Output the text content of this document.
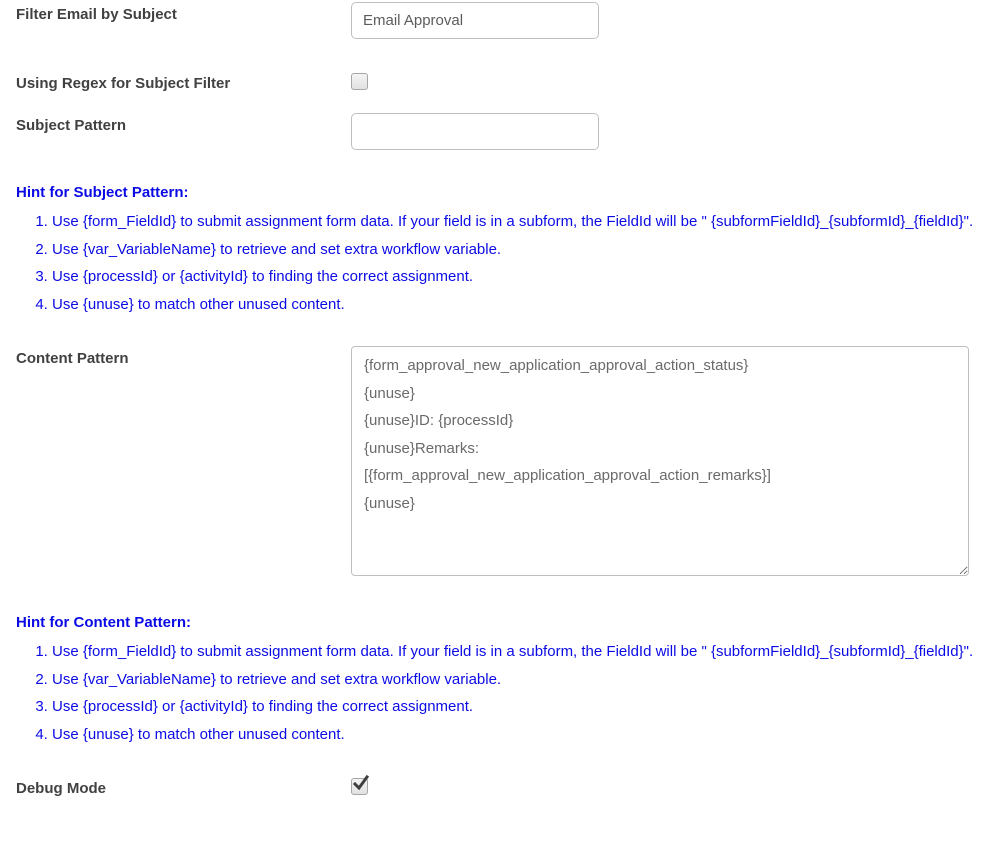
Filter Email by Subject
Email Approval
Using Regex for Subject Filter
Subject Pattern
Hint for Subject Pattern:
1. Use {form_FieldId} to submit assignment form data. If your field is in a subform, the FieldId will be " {subformFieldId}_{subformId}_{fieldId}".
2. Use {var_VariableName} to retrieve and set extra workflow variable.
3. Use {processId} or {activityId} to finding the correct assignment.
4. Use {unuse} to match other unused content.
Content Pattern
{form_approval_new_application_approval_action_status} {unuse} {unuse}ID: {processId} {unuse}Remarks: [{form_approval_new_application_approval_action_remarks}] {unuse}
Hint for Content Pattern:
1. Use {form_FieldId} to submit assignment form data. If your field is in a subform, the FieldId will be " {subformFieldId}_{subformId}_{fieldId}".
2. Use {var_VariableName} to retrieve and set extra workflow variable.
3. Use {processId} or {activityId} to finding the correct assignment.
4. Use {unuse} to match other unused content.
Debug Mode
